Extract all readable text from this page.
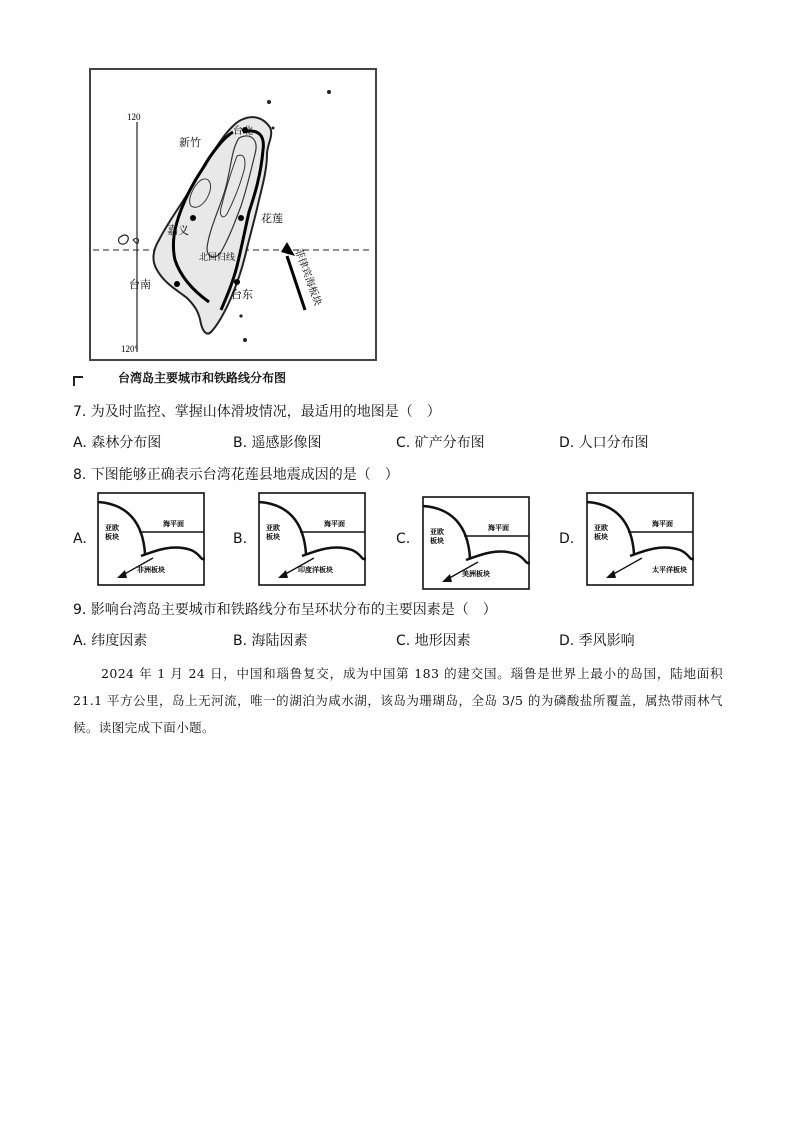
120
120°
新竹
台北
花莲
北回归线
嘉义
台南
台东	菲律宾海板块
台湾岛主要城市和铁路线分布图
7. 为及时监控、掌握山体滑坡情况，最适用的地图是（　）
A. 森林分布图	B. 遥感影像图	C. 矿产分布图	D. 人口分布图
8. 下图能够正确表示台湾花莲县地震成因的是（　）
A.	B.	C.	D.
海平面
亚欧板块
非洲板块
海平面
亚欧板块
印度洋板块
海平面
亚欧板块
美洲板块
海平面
亚欧板块
太平洋板块
9. 影响台湾岛主要城市和铁路线分布呈环状分布的主要因素是（　）
A. 纬度因素	B. 海陆因素	C. 地形因素	D. 季风影响
2024 年 1 月 24 日，中国和瑙鲁复交，成为中国第 183 的建交国。瑙鲁是世界上最小的岛国，陆地面积 21.1 平方公里，岛上无河流，唯一的湖泊为咸水湖，该岛为珊瑚岛，全岛 3/5 的为磷酸盐所覆盖，属热带雨林气候。读图完成下面小题。
